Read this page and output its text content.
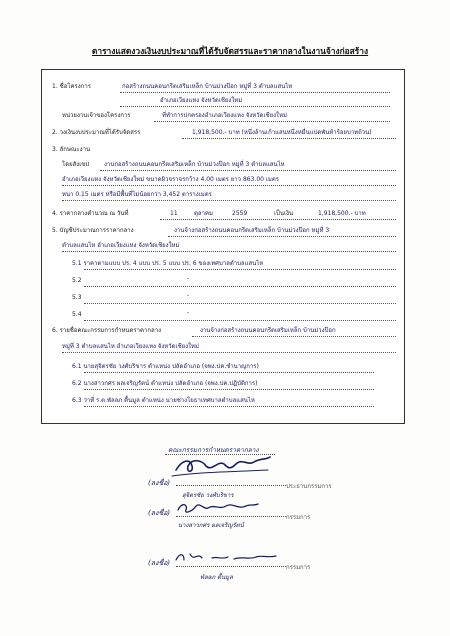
ตารางแสดงวงเงินงบประมาณที่ได้รับจัดสรรและราคากลางในงานจ้างก่อสร้าง
1. ชื่อโครงการ	ก่อสร้างถนนคอนกรีตเสริมเหล็ก บ้านม่วงป๊อก หมู่ที่ 3 ตำบลแสนไห
อำเภอเวียงแหง จังหวัดเชียงใหม่
หน่วยงานเจ้าของโครงการ	ที่ทำการปกครองอำเภอเวียงแหง จังหวัดเชียงใหม่
2. วงเงินงบประมาณที่ได้รับจัดสรร	1,918,500.- บาท (หนึ่งล้านเก้าแสนหนึ่งหมื่นแปดพันห้าร้อยบาทถ้วน)
3. ลักษณะงาน
โดยสังเขป งานก่อสร้างถนนคอนกรีตเสริมเหล็ก บ้านม่วงป๊อก หมู่ที่ 3 ตำบลแสนไห
อำเภอเวียงแหง จังหวัดเชียงใหม่ ขนาดผิวจราจรกว้าง 4.00 เมตร ยาว 863.00 เมตร
หนา 0.15 เมตร หรือมีพื้นที่ไม่น้อยกว่า 3,452 ตารางเมตร
4. ราคากลางคำนวณ ณ วันที่	11	ตุลาคม	2559	เป็นเงิน	1,918,500.- บาท
5. บัญชีประมาณการราคากลาง	งานจ้างก่อสร้างถนนคอนกรีตเสริมเหล็ก บ้านม่วงป๊อก หมู่ที่ 3
ตำบลแสนไห อำเภอเวียงแหง จังหวัดเชียงใหม่
5.1 ราคาตามแบบ ปร. 4 แบบ ปร. 5 แบบ ปร. 6 ของเทศบาลตำบลแสนไห
5.2	-
5.3	-
5.4	-
6. รายชื่อคณะกรรมการกำหนดราคากลาง	งานจ้างก่อสร้างถนนคอนกรีตเสริมเหล็ก บ้านม่วงป๊อก
หมู่ที่ 3 ตำบลแสนไห อำเภอเวียงแหง จังหวัดเชียงใหม่
6.1 นายสุจิตรชัย วงศ์บริขาร ตำแหน่ง ปลัดอำเภอ (จพง.ปค.ชำนาญการ)
6.2 นางสาวกศร ผลเจริญรัตน์ ตำแหน่ง ปลัดอำเภอ (จพง.ปค.ปฏิบัติการ)
6.3 ว่าที่ ร.ต.พัลลภ ตื้นมูล ตำแหน่ง นายช่างโยธาเทศบาลตำบลแสนไห
คณะกรรมการกำหนดราคากลาง
(ลงชื่อ)	ประธานกรรมการ
สุจิตรชัย วงศ์บริขาร
(ลงชื่อ)
กรรมการ
นางสาวกศร ผลเจริญรัตน์
(ลงชื่อ)
กรรมการ
พัลลภ ตื้นมูล
